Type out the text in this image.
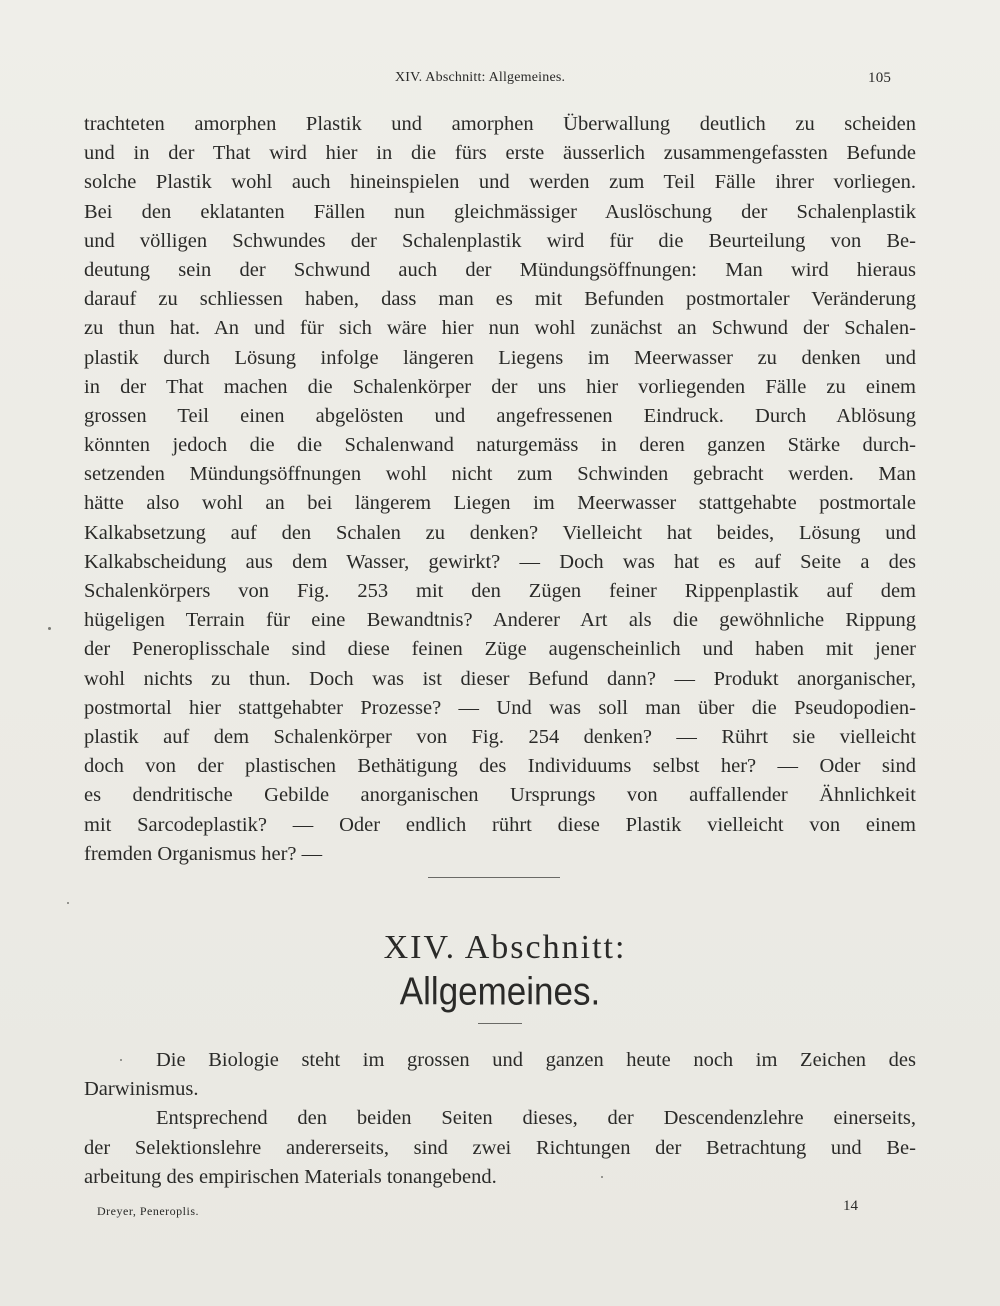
XIV. Abschnitt: Allgemeines.	105
trachteten amorphen Plastik und amorphen Überwallung deutlich zu scheiden
und in der That wird hier in die fürs erste äusserlich zusammengefassten Befunde
solche Plastik wohl auch hineinspielen und werden zum Teil Fälle ihrer vorliegen.
Bei den eklatanten Fällen nun gleichmässiger Auslöschung der Schalenplastik
und völligen Schwundes der Schalenplastik wird für die Beurteilung von Be-
deutung sein der Schwund auch der Mündungsöffnungen: Man wird hieraus
darauf zu schliessen haben, dass man es mit Befunden postmortaler Veränderung
zu thun hat. An und für sich wäre hier nun wohl zunächst an Schwund der Schalen-
plastik durch Lösung infolge längeren Liegens im Meerwasser zu denken und
in der That machen die Schalenkörper der uns hier vorliegenden Fälle zu einem
grossen Teil einen abgelösten und angefressenen Eindruck. Durch Ablösung
könnten jedoch die die Schalenwand naturgemäss in deren ganzen Stärke durch-
setzenden Mündungsöffnungen wohl nicht zum Schwinden gebracht werden. Man
hätte also wohl an bei längerem Liegen im Meerwasser stattgehabte postmortale
Kalkabsetzung auf den Schalen zu denken? Vielleicht hat beides, Lösung und
Kalkabscheidung aus dem Wasser, gewirkt? — Doch was hat es auf Seite a des
Schalenkörpers von Fig. 253 mit den Zügen feiner Rippenplastik auf dem
hügeligen Terrain für eine Bewandtnis? Anderer Art als die gewöhnliche Rippung
der Peneroplisschale sind diese feinen Züge augenscheinlich und haben mit jener
wohl nichts zu thun. Doch was ist dieser Befund dann? — Produkt anorganischer,
postmortal hier stattgehabter Prozesse? — Und was soll man über die Pseudopodien-
plastik auf dem Schalenkörper von Fig. 254 denken? — Rührt sie vielleicht
doch von der plastischen Bethätigung des Individuums selbst her? — Oder sind
es dendritische Gebilde anorganischen Ursprungs von auffallender Ähnlichkeit
mit Sarcodeplastik? — Oder endlich rührt diese Plastik vielleicht von einem
fremden Organismus her? —
XIV. Abschnitt:
Allgemeines.
Die Biologie steht im grossen und ganzen heute noch im Zeichen des
Darwinismus.
Entsprechend den beiden Seiten dieses, der Descendenzlehre einerseits,
der Selektionslehre andererseits, sind zwei Richtungen der Betrachtung und Be-
arbeitung des empirischen Materials tonangebend.
Dreyer, Peneroplis.	14
